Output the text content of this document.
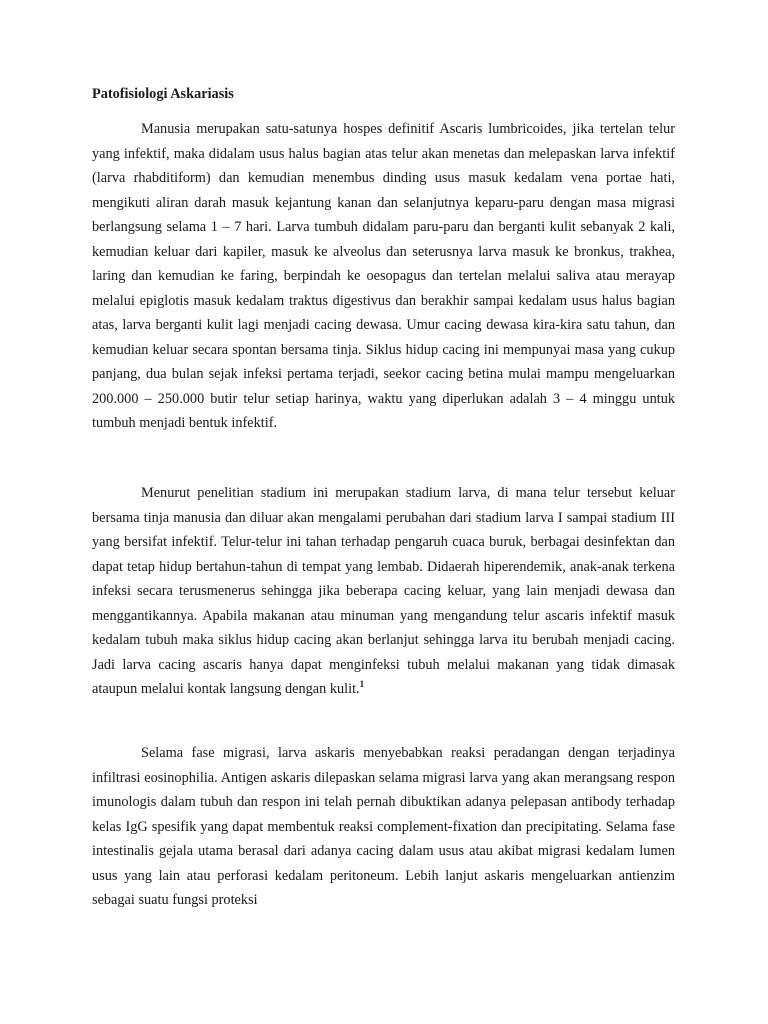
Patofisiologi Askariasis

Manusia merupakan satu-satunya hospes definitif Ascaris lumbricoides, jika tertelan telur yang infektif, maka didalam usus halus bagian atas telur akan menetas dan melepaskan larva infektif (larva rhabditiform) dan kemudian menembus dinding usus masuk kedalam vena portae hati, mengikuti aliran darah masuk kejantung kanan dan selanjutnya keparu-paru dengan masa migrasi berlangsung selama 1 – 7 hari. Larva tumbuh didalam paru-paru dan berganti kulit sebanyak 2 kali, kemudian keluar dari kapiler, masuk ke alveolus dan seterusnya larva masuk ke bronkus, trakhea, laring dan kemudian ke faring, berpindah ke oesopagus dan tertelan melalui saliva atau merayap melalui epiglotis masuk kedalam traktus digestivus dan berakhir sampai kedalam usus halus bagian atas, larva berganti kulit lagi menjadi cacing dewasa. Umur cacing dewasa kira-kira satu tahun, dan kemudian keluar secara spontan bersama tinja. Siklus hidup cacing ini mempunyai masa yang cukup panjang, dua bulan sejak infeksi pertama terjadi, seekor cacing betina mulai mampu mengeluarkan 200.000 – 250.000 butir telur setiap harinya, waktu yang diperlukan adalah 3 – 4 minggu untuk tumbuh menjadi bentuk infektif.

Menurut penelitian stadium ini merupakan stadium larva, di mana telur tersebut keluar bersama tinja manusia dan diluar akan mengalami perubahan dari stadium larva I sampai stadium III yang bersifat infektif. Telur-telur ini tahan terhadap pengaruh cuaca buruk, berbagai desinfektan dan dapat tetap hidup bertahun-tahun di tempat yang lembab. Didaerah hiperendemik, anak-anak terkena infeksi secara terusmenerus sehingga jika beberapa cacing keluar, yang lain menjadi dewasa dan menggantikannya. Apabila makanan atau minuman yang mengandung telur ascaris infektif masuk kedalam tubuh maka siklus hidup cacing akan berlanjut sehingga larva itu berubah menjadi cacing. Jadi larva cacing ascaris hanya dapat menginfeksi tubuh melalui makanan yang tidak dimasak ataupun melalui kontak langsung dengan kulit.$^1$

Selama fase migrasi, larva askaris menyebabkan reaksi peradangan dengan terjadinya infiltrasi eosinophilia. Antigen askaris dilepaskan selama migrasi larva yang akan merangsang respon imunologis dalam tubuh dan respon ini telah pernah dibuktikan adanya pelepasan antibody terhadap kelas IgG spesifik yang dapat membentuk reaksi complement-fixation dan precipitating. Selama fase intestinalis gejala utama berasal dari adanya cacing dalam usus atau akibat migrasi kedalam lumen usus yang lain atau perforasi kedalam peritoneum. Lebih lanjut askaris mengeluarkan antienzim sebagai suatu fungsi proteksi
